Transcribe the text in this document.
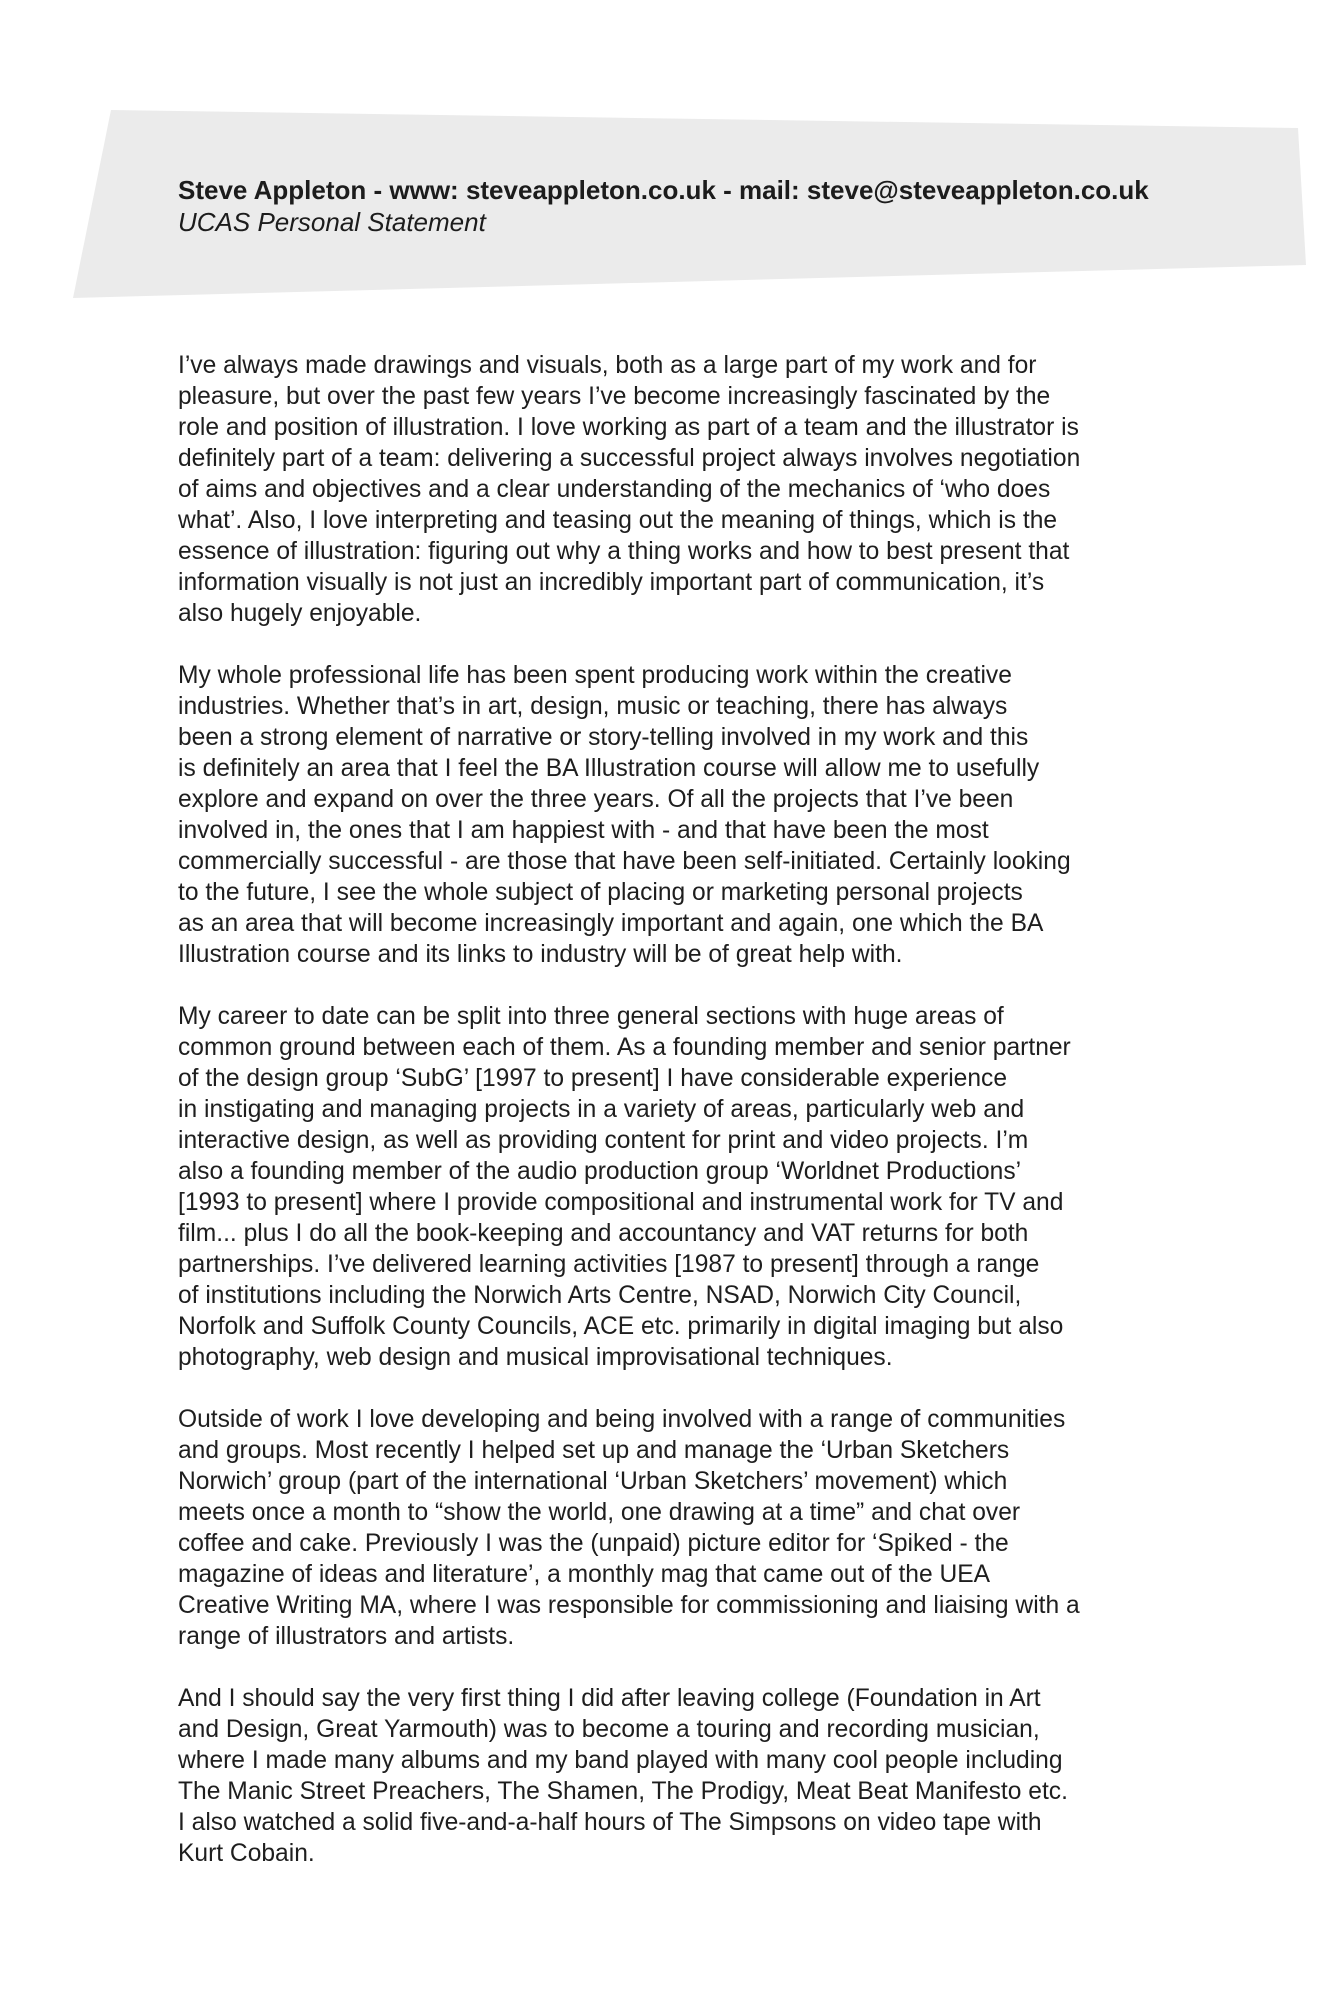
Steve Appleton - www: steveappleton.co.uk - mail: steve@steveappleton.co.uk
UCAS Personal Statement

I’ve always made drawings and visuals, both as a large part of my work and for
pleasure, but over the past few years I’ve become increasingly fascinated by the
role and position of illustration. I love working as part of a team and the illustrator is
definitely part of a team: delivering a successful project always involves negotiation
of aims and objectives and a clear understanding of the mechanics of ‘who does
what’. Also, I love interpreting and teasing out the meaning of things, which is the
essence of illustration: figuring out why a thing works and how to best present that
information visually is not just an incredibly important part of communication, it’s
also hugely enjoyable.

My whole professional life has been spent producing work within the creative
industries. Whether that’s in art, design, music or teaching, there has always
been a strong element of narrative or story-telling involved in my work and this
is definitely an area that I feel the BA Illustration course will allow me to usefully
explore and expand on over the three years. Of all the projects that I’ve been
involved in, the ones that I am happiest with - and that have been the most
commercially successful - are those that have been self-initiated. Certainly looking
to the future, I see the whole subject of placing or marketing personal projects
as an area that will become increasingly important and again, one which the BA
Illustration course and its links to industry will be of great help with.

My career to date can be split into three general sections with huge areas of
common ground between each of them. As a founding member and senior partner
of the design group ‘SubG’ [1997 to present] I have considerable experience
in instigating and managing projects in a variety of areas, particularly web and
interactive design, as well as providing content for print and video projects. I’m
also a founding member of the audio production group ‘Worldnet Productions’
[1993 to present] where I provide compositional and instrumental work for TV and
film... plus I do all the book-keeping and accountancy and VAT returns for both
partnerships. I’ve delivered learning activities [1987 to present] through a range
of institutions including the Norwich Arts Centre, NSAD, Norwich City Council,
Norfolk and Suffolk County Councils, ACE etc. primarily in digital imaging but also
photography, web design and musical improvisational techniques.

Outside of work I love developing and being involved with a range of communities
and groups. Most recently I helped set up and manage the ‘Urban Sketchers
Norwich’ group (part of the international ‘Urban Sketchers’ movement) which
meets once a month to “show the world, one drawing at a time” and chat over
coffee and cake. Previously I was the (unpaid) picture editor for ‘Spiked - the
magazine of ideas and literature’, a monthly mag that came out of the UEA
Creative Writing MA, where I was responsible for commissioning and liaising with a
range of illustrators and artists.

And I should say the very first thing I did after leaving college (Foundation in Art
and Design, Great Yarmouth) was to become a touring and recording musician,
where I made many albums and my band played with many cool people including
The Manic Street Preachers, The Shamen, The Prodigy, Meat Beat Manifesto etc.
I also watched a solid five-and-a-half hours of The Simpsons on video tape with
Kurt Cobain.
